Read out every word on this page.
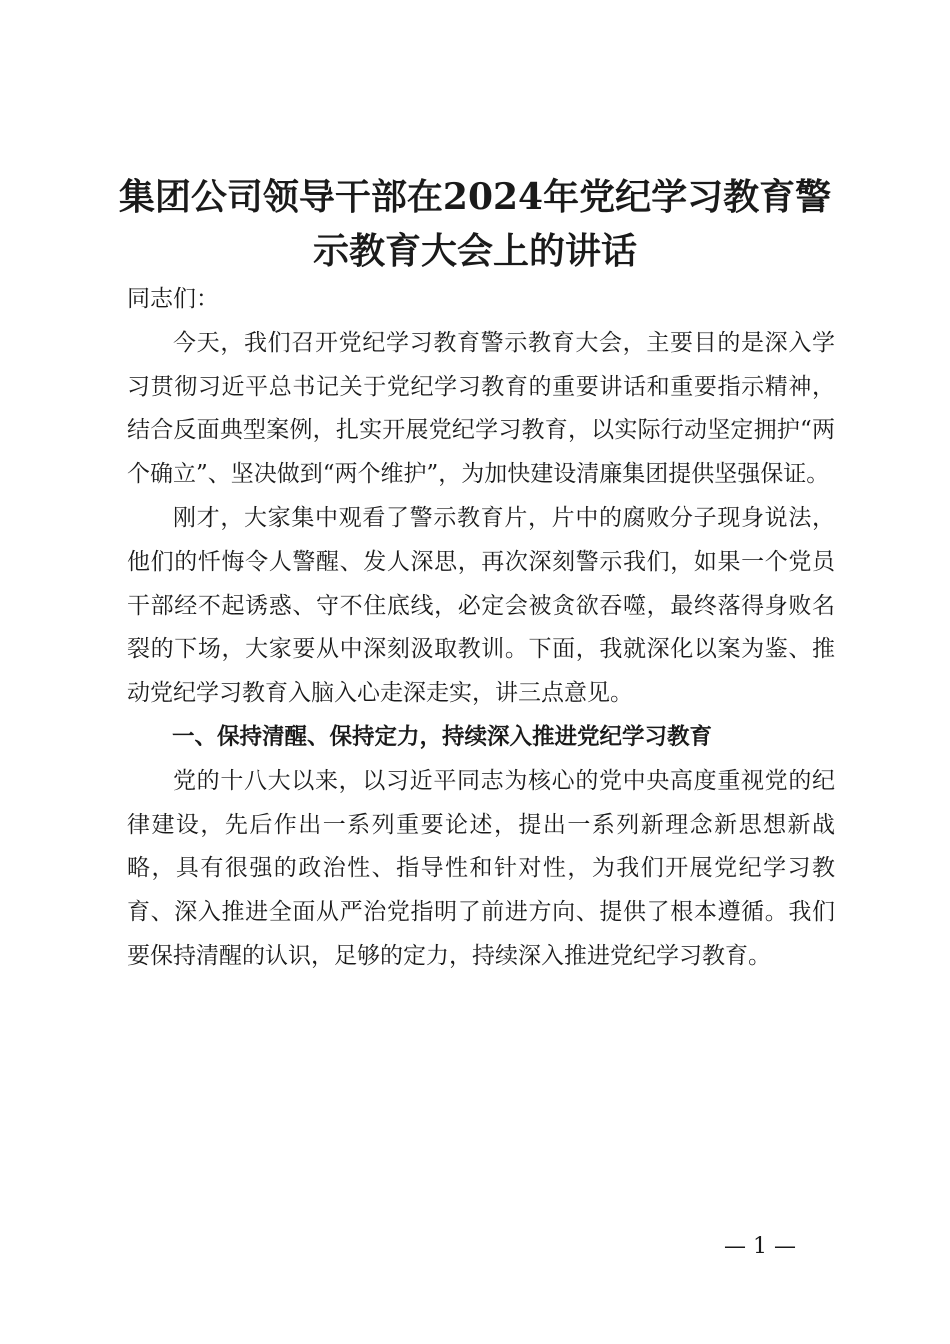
集团公司领导干部在2024年党纪学习教育警
示教育大会上的讲话

同志们：

今天，我们召开党纪学习教育警示教育大会，主要目的是深入学习贯彻习近平总书记关于党纪学习教育的重要讲话和重要指示精神，结合反面典型案例，扎实开展党纪学习教育，以实际行动坚定拥护“两个确立”、坚决做到“两个维护”，为加快建设清廉集团提供坚强保证。

刚才，大家集中观看了警示教育片，片中的腐败分子现身说法，他们的忏悔令人警醒、发人深思，再次深刻警示我们，如果一个党员干部经不起诱惑、守不住底线，必定会被贪欲吞噬，最终落得身败名裂的下场，大家要从中深刻汲取教训。下面，我就深化以案为鉴、推动党纪学习教育入脑入心走深走实，讲三点意见。

一、保持清醒、保持定力，持续深入推进党纪学习教育

党的十八大以来，以习近平同志为核心的党中央高度重视党的纪律建设，先后作出一系列重要论述，提出一系列新理念新思想新战略，具有很强的政治性、指导性和针对性，为我们开展党纪学习教育、深入推进全面从严治党指明了前进方向、提供了根本遵循。我们要保持清醒的认识，足够的定力，持续深入推进党纪学习教育。

— 1 —
